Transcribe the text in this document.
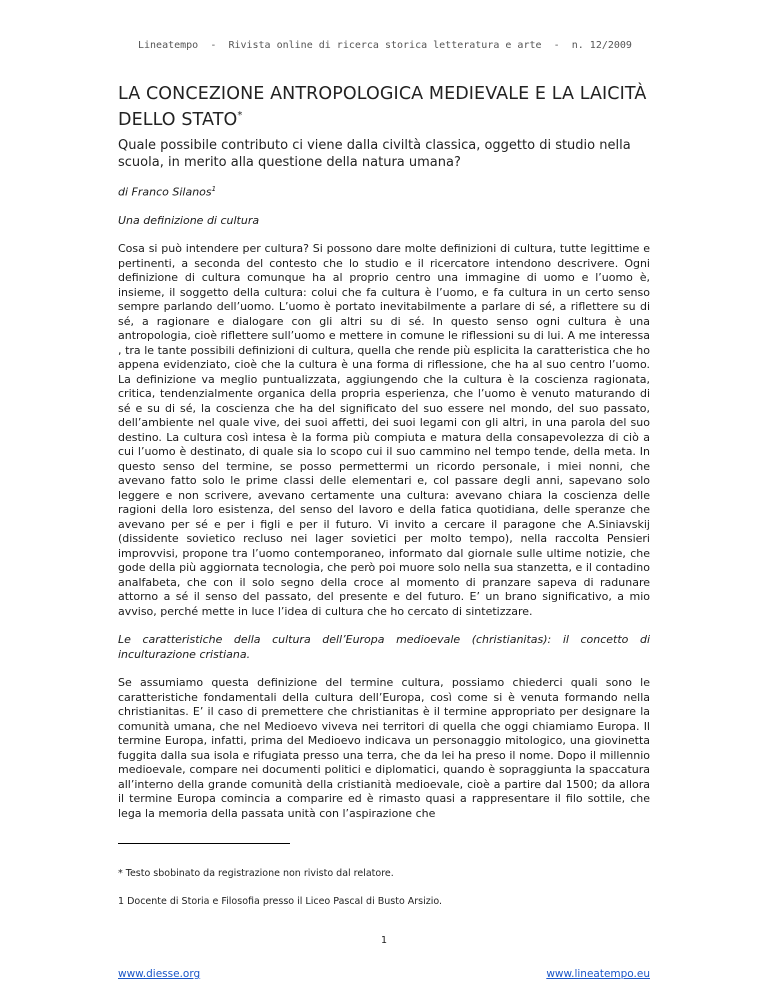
Lineatempo - Rivista online di ricerca storica letteratura e arte - n. 12/2009
LA CONCEZIONE ANTROPOLOGICA MEDIEVALE E LA LAICITÀ DELLO STATO*
Quale possibile contributo ci viene dalla civiltà classica, oggetto di studio nella scuola, in merito alla questione della natura umana?
di Franco Silanos$^1$
Una definizione di cultura

Cosa si può intendere per cultura? Si possono dare molte definizioni di cultura, tutte legittime e pertinenti, a seconda del contesto che lo studio e il ricercatore intendono descrivere. Ogni definizione di cultura comunque ha al proprio centro una immagine di uomo e l’uomo è, insieme, il soggetto della cultura: colui che fa cultura è l’uomo, e fa cultura in un certo senso sempre parlando dell’uomo. L’uomo è portato inevitabilmente a parlare di sé, a riflettere su di sé, a ragionare e dialogare con gli altri su di sé. In questo senso ogni cultura è una antropologia, cioè riflettere sull’uomo e mettere in comune le riflessioni su di lui. A me interessa , tra le tante possibili definizioni di cultura, quella che rende più esplicita la caratteristica che ho appena evidenziato, cioè che la cultura è una forma di riflessione, che ha al suo centro l’uomo. La definizione va meglio puntualizzata, aggiungendo che la cultura è la coscienza ragionata, critica, tendenzialmente organica della propria esperienza, che l’uomo è venuto maturando di sé e su di sé, la coscienza che ha del significato del suo essere nel mondo, del suo passato, dell’ambiente nel quale vive, dei suoi affetti, dei suoi legami con gli altri, in una parola del suo destino. La cultura così intesa è la forma più compiuta e matura della consapevolezza di ciò a cui l’uomo è destinato, di quale sia lo scopo cui il suo cammino nel tempo tende, della meta. In questo senso del termine, se posso permettermi un ricordo personale, i miei nonni, che avevano fatto solo le prime classi delle elementari e, col passare degli anni, sapevano solo leggere e non scrivere, avevano certamente una cultura: avevano chiara la coscienza delle ragioni della loro esistenza, del senso del lavoro e della fatica quotidiana, delle speranze che avevano per sé e per i figli e per il futuro. Vi invito a cercare il paragone che A.Siniavskij (dissidente sovietico recluso nei lager sovietici per molto tempo), nella raccolta Pensieri improvvisi, propone tra l’uomo contemporaneo, informato dal giornale sulle ultime notizie, che gode della più aggiornata tecnologia, che però poi muore solo nella sua stanzetta, e il contadino analfabeta, che con il solo segno della croce al momento di pranzare sapeva di radunare attorno a sé il senso del passato, del presente e del futuro. E’ un brano significativo, a mio avviso, perché mette in luce l’idea di cultura che ho cercato di sintetizzare.

Le caratteristiche della cultura dell’Europa medioevale (christianitas): il concetto di inculturazione cristiana.

Se assumiamo questa definizione del termine cultura, possiamo chiederci quali sono le caratteristiche fondamentali della cultura dell’Europa, così come si è venuta formando nella christianitas. E’ il caso di premettere che christianitas è il termine appropriato per designare la comunità umana, che nel Medioevo viveva nei territori di quella che oggi chiamiamo Europa. Il termine Europa, infatti, prima del Medioevo indicava un personaggio mitologico, una giovinetta fuggita dalla sua isola e rifugiata presso una terra, che da lei ha preso il nome. Dopo il millennio medioevale, compare nei documenti politici e diplomatici, quando è sopraggiunta la spaccatura all’interno della grande comunità della cristianità medioevale, cioè a partire dal 1500; da allora il termine Europa comincia a comparire ed è rimasto quasi a rappresentare il filo sottile, che lega la memoria della passata unità con l’aspirazione che

* Testo sbobinato da registrazione non rivisto dal relatore.
1 Docente di Storia e Filosofia presso il Liceo Pascal di Busto Arsizio.
1
www.diesse.org	www.lineatempo.eu
